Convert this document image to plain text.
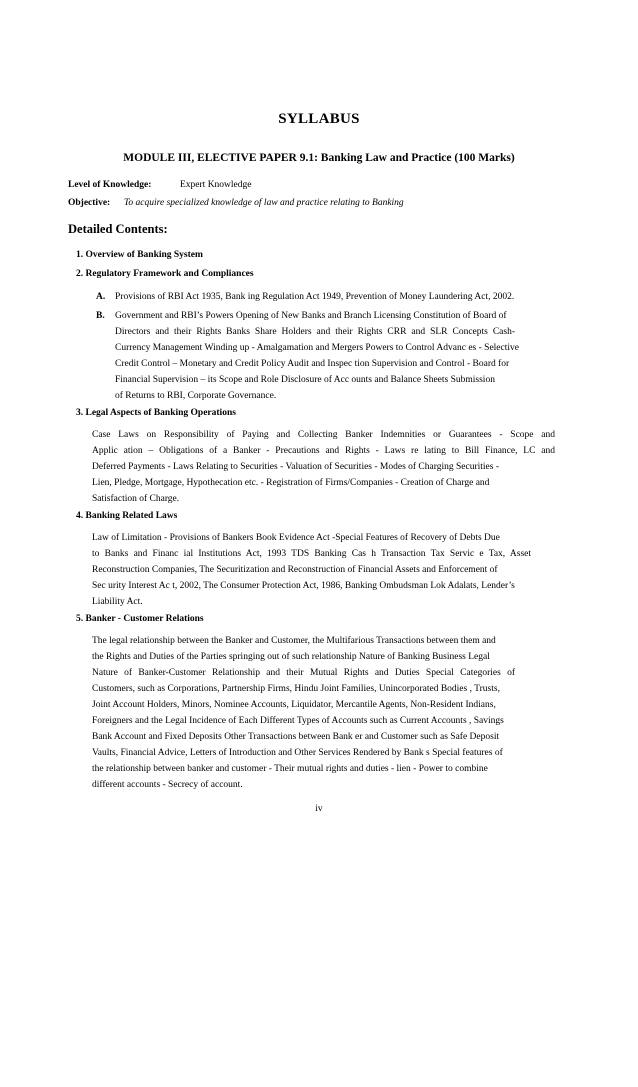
SYLLABUS
MODULE III, ELECTIVE PAPER 9.1: Banking Law and Practice (100 Marks)
Level of Knowledge:	Expert Knowledge
Objective: To acquire specialized knowledge of law and practice relating to Banking
Detailed Contents:
1. Overview of Banking System
2. Regulatory Framework and Compliances
A. Provisions of RBI Act 1935, Bank ing Regulation Act 1949, Prevention of Money Laundering Act, 2002.
B. Government and RBI’s Powers Opening of New Banks and Branch Licensing Constitution of Board of
Directors and their Rights Banks Share Holders and their Rights CRR and SLR Concepts Cash-
Currency Management Winding up - Amalgamation and Mergers Powers to Control Advanc es - Selective
Credit Control – Monetary and Credit Policy Audit and Inspec tion Supervision and Control - Board for
Financial Supervision – its Scope and Role Disclosure of Acc ounts and Balance Sheets Submission
of Returns to RBI, Corporate Governance.
3. Legal Aspects of Banking Operations
Case Laws on Responsibility of Paying and Collecting Banker Indemnities or Guarantees - Scope and
Applic ation – Obligations of a Banker - Precautions and Rights - Laws re lating to Bill Finance, LC and
Deferred Payments - Laws Relating to Securities - Valuation of Securities - Modes of Charging Securities -
Lien, Pledge, Mortgage, Hypothecation etc. - Registration of Firms/Companies - Creation of Charge and
Satisfaction of Charge.
4. Banking Related Laws
Law of Limitation - Provisions of Bankers Book Evidence Act -Special Features of Recovery of Debts Due
to Banks and Financ ial Institutions Act, 1993 TDS Banking Cas h Transaction Tax Servic e Tax, Asset
Reconstruction Companies, The Securitization and Reconstruction of Financial Assets and Enforcement of
Sec urity Interest Ac t, 2002, The Consumer Protection Act, 1986, Banking Ombudsman Lok Adalats, Lender’s
Liability Act.
5. Banker - Customer Relations
The legal relationship between the Banker and Customer, the Multifarious Transactions between them and
the Rights and Duties of the Parties springing out of such relationship Nature of Banking Business Legal
Nature of Banker-Customer Relationship and their Mutual Rights and Duties Special Categories of
Customers, such as Corporations, Partnership Firms, Hindu Joint Families, Unincorporated Bodies , Trusts,
Joint Account Holders, Minors, Nominee Accounts, Liquidator, Mercantile Agents, Non-Resident Indians,
Foreigners and the Legal Incidence of Each Different Types of Accounts such as Current Accounts , Savings
Bank Account and Fixed Deposits Other Transactions between Bank er and Customer such as Safe Deposit
Vaults, Financial Advice, Letters of Introduction and Other Services Rendered by Bank s Special features of
the relationship between banker and customer - Their mutual rights and duties - lien - Power to combine
different accounts - Secrecy of account.
iv
